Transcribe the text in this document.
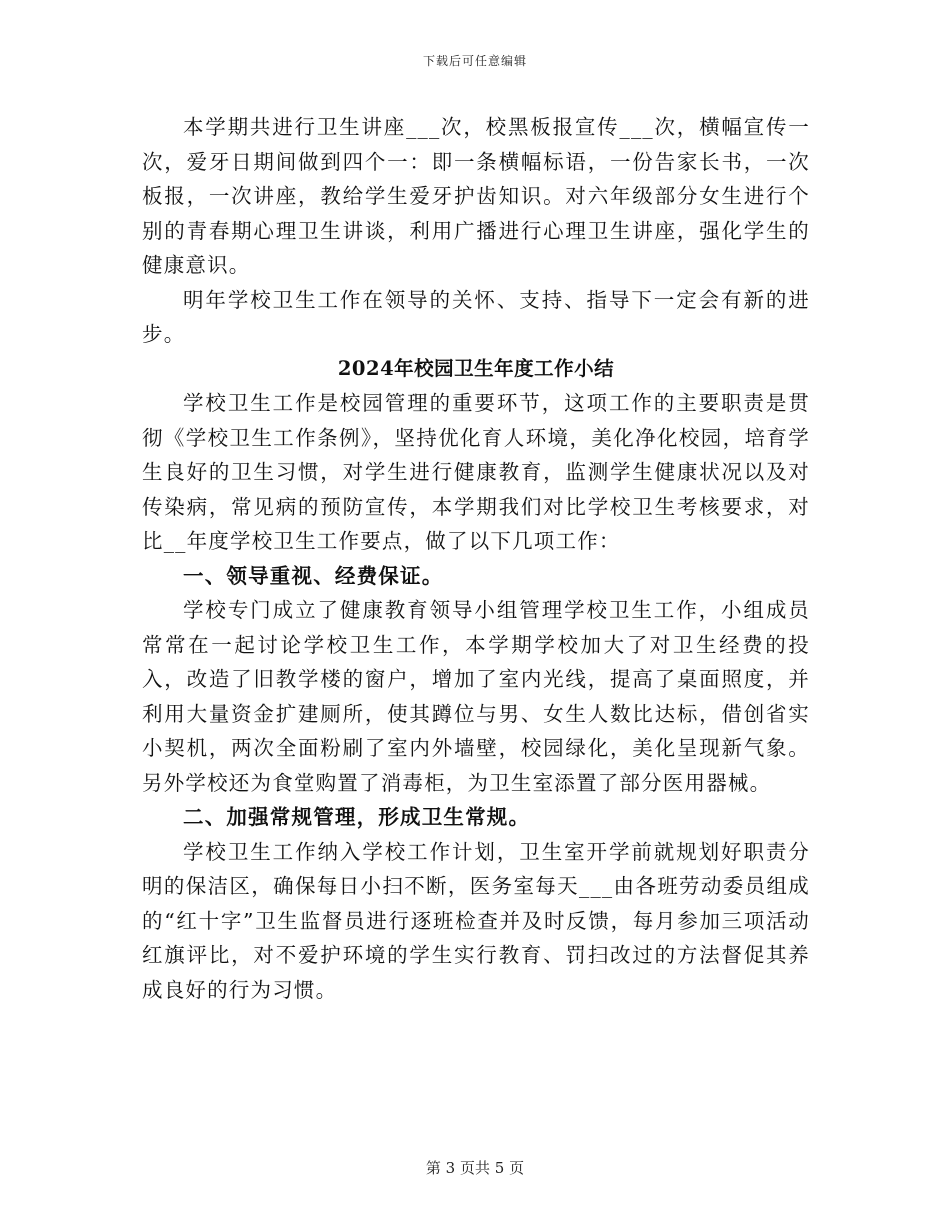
下载后可任意编辑

本学期共进行卫生讲座___次，校黑板报宣传___次，横幅宣传一次，爱牙日期间做到四个一：即一条横幅标语，一份告家长书，一次板报，一次讲座，教给学生爱牙护齿知识。对六年级部分女生进行个别的青春期心理卫生讲谈，利用广播进行心理卫生讲座，强化学生的健康意识。

明年学校卫生工作在领导的关怀、支持、指导下一定会有新的进步。

2024年校园卫生年度工作小结

学校卫生工作是校园管理的重要环节，这项工作的主要职责是贯彻《学校卫生工作条例》，坚持优化育人环境，美化净化校园，培育学生良好的卫生习惯，对学生进行健康教育，监测学生健康状况以及对传染病，常见病的预防宣传，本学期我们对比学校卫生考核要求，对比__年度学校卫生工作要点，做了以下几项工作：

一、领导重视、经费保证。

学校专门成立了健康教育领导小组管理学校卫生工作，小组成员常常在一起讨论学校卫生工作，本学期学校加大了对卫生经费的投入，改造了旧教学楼的窗户，增加了室内光线，提高了桌面照度，并利用大量资金扩建厕所，使其蹲位与男、女生人数比达标，借创省实小契机，两次全面粉刷了室内外墙壁，校园绿化，美化呈现新气象。另外学校还为食堂购置了消毒柜，为卫生室添置了部分医用器械。

二、加强常规管理，形成卫生常规。

学校卫生工作纳入学校工作计划，卫生室开学前就规划好职责分明的保洁区，确保每日小扫不断，医务室每天___由各班劳动委员组成的“红十字”卫生监督员进行逐班检查并及时反馈，每月参加三项活动红旗评比，对不爱护环境的学生实行教育、罚扫改过的方法督促其养成良好的行为习惯。

第 3 页共 5 页
